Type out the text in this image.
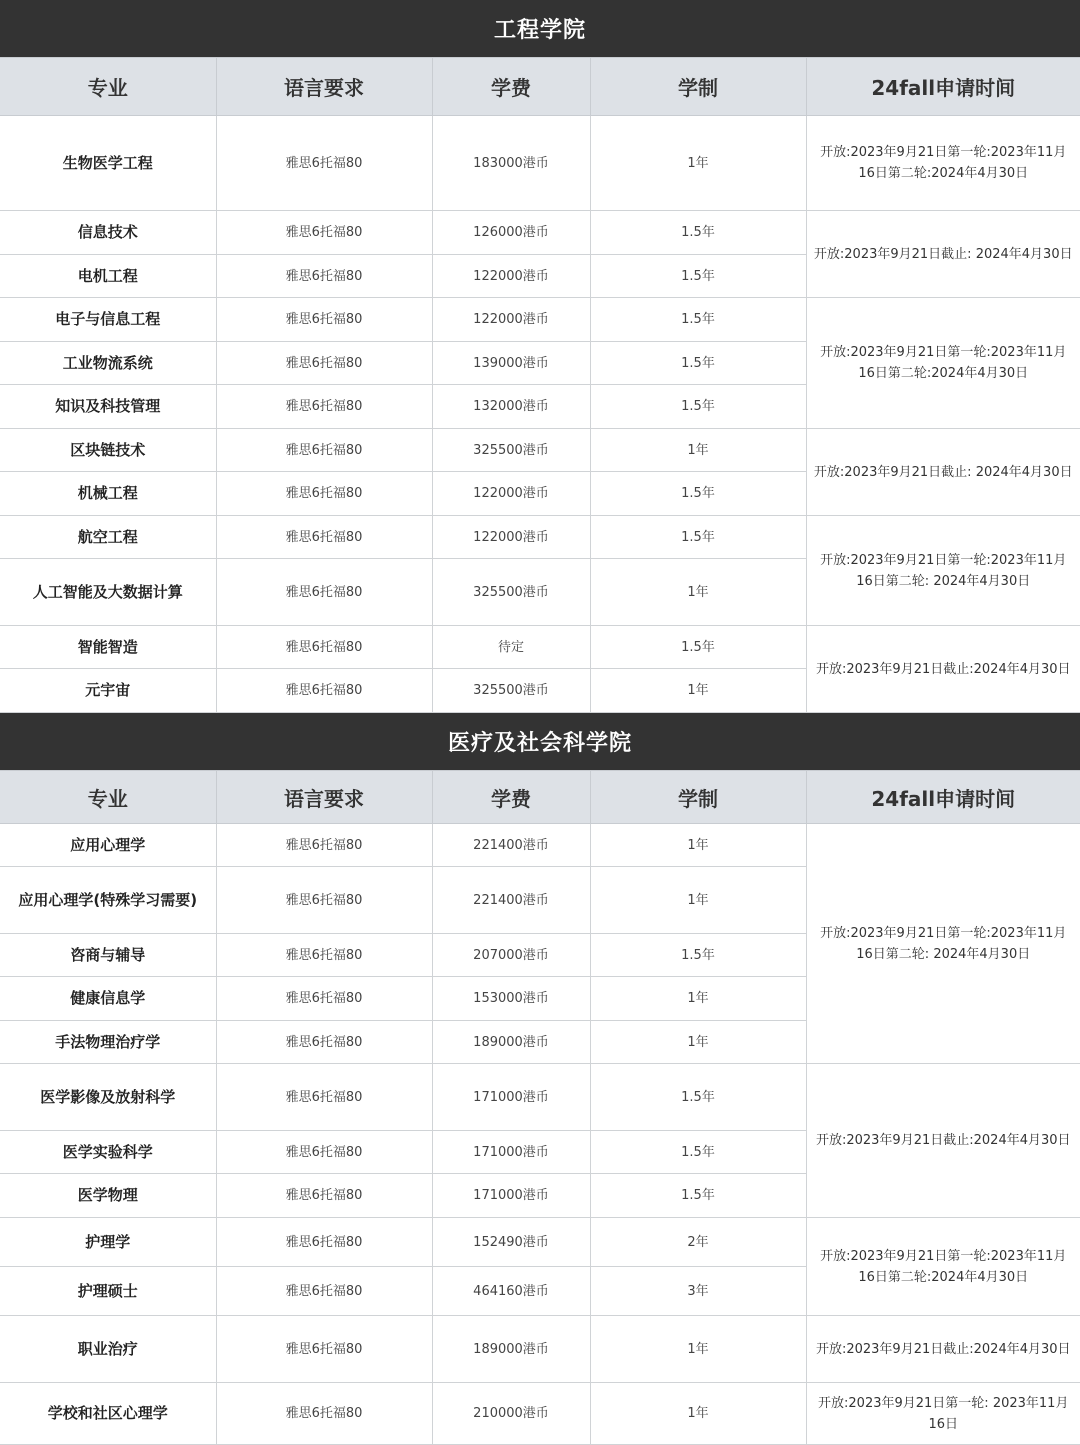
工程学院
专业	语言要求	学费	学制	24fall申请时间
生物医学工程	雅思6托福80	183000港币	1年	开放:2023年9月21日第一轮:2023年11月16日第二轮:2024年4月30日
信息技术	雅思6托福80	126000港币	1.5年	开放:2023年9月21日截止: 2024年4月30日
电机工程	雅思6托福80	122000港币	1.5年	
电子与信息工程	雅思6托福80	122000港币	1.5年	开放:2023年9月21日第一轮:2023年11月16日第二轮:2024年4月30日
工业物流系统	雅思6托福80	139000港币	1.5年	
知识及科技管理	雅思6托福80	132000港币	1.5年	
区块链技术	雅思6托福80	325500港币	1年	开放:2023年9月21日截止: 2024年4月30日
机械工程	雅思6托福80	122000港币	1.5年	
航空工程	雅思6托福80	122000港币	1.5年	开放:2023年9月21日第一轮:2023年11月16日第二轮: 2024年4月30日
人工智能及大数据计算	雅思6托福80	325500港币	1年	
智能智造	雅思6托福80	待定	1.5年	开放:2023年9月21日截止:2024年4月30日
元宇宙	雅思6托福80	325500港币	1年	
医疗及社会科学院
专业	语言要求	学费	学制	24fall申请时间
应用心理学	雅思6托福80	221400港币	1年	开放:2023年9月21日第一轮:2023年11月16日第二轮: 2024年4月30日
应用心理学(特殊学习需要)	雅思6托福80	221400港币	1年	
咨商与辅导	雅思6托福80	207000港币	1.5年	
健康信息学	雅思6托福80	153000港币	1年	
手法物理治疗学	雅思6托福80	189000港币	1年	
医学影像及放射科学	雅思6托福80	171000港币	1.5年	开放:2023年9月21日截止:2024年4月30日
医学实验科学	雅思6托福80	171000港币	1.5年	
医学物理	雅思6托福80	171000港币	1.5年	
护理学	雅思6托福80	152490港币	2年	开放:2023年9月21日第一轮:2023年11月16日第二轮:2024年4月30日
护理硕士	雅思6托福80	464160港币	3年	
职业治疗	雅思6托福80	189000港币	1年	开放:2023年9月21日截止:2024年4月30日
学校和社区心理学	雅思6托福80	210000港币	1年	开放:2023年9月21日第一轮: 2023年11月16日
